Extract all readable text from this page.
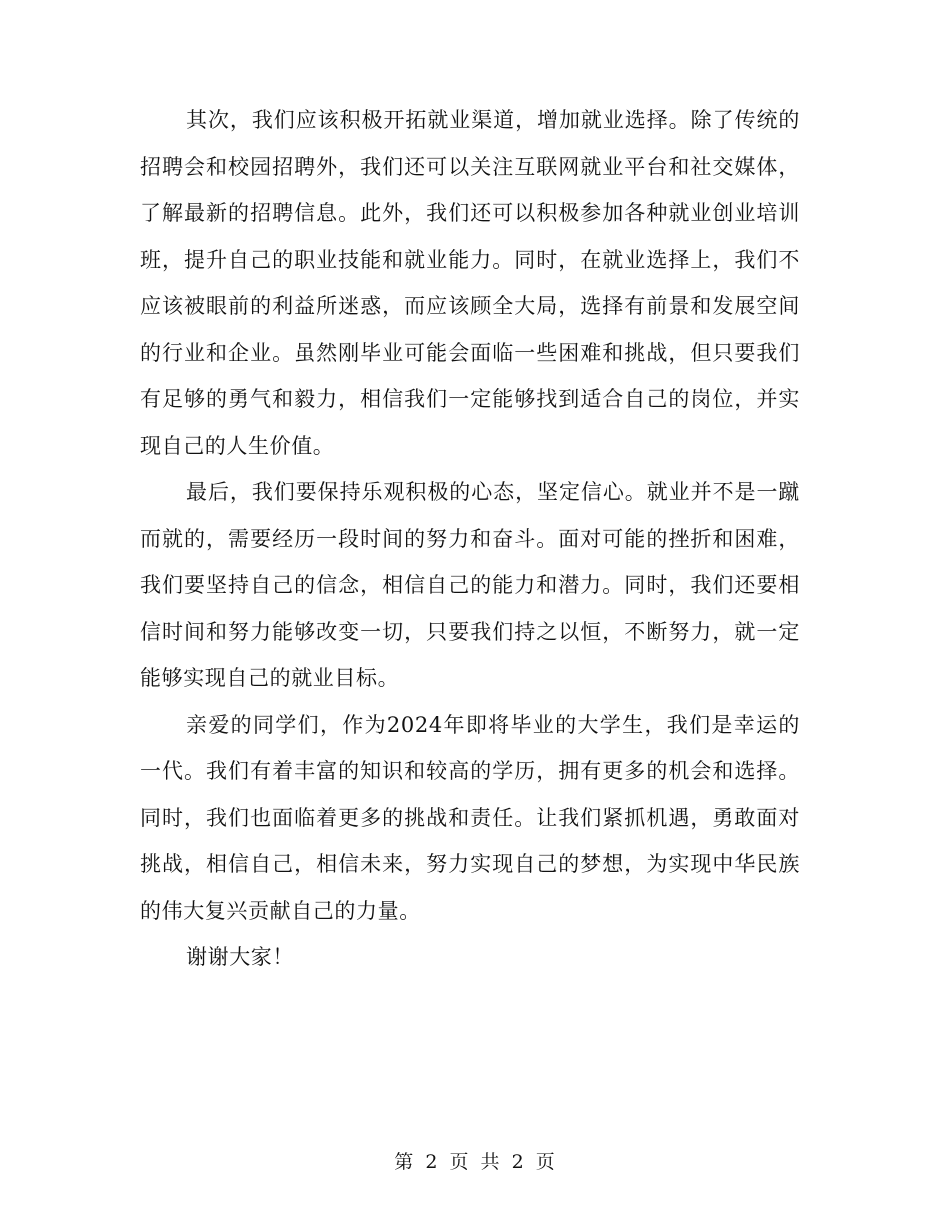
其次，我们应该积极开拓就业渠道，增加就业选择。除了传统的招聘会和校园招聘外，我们还可以关注互联网就业平台和社交媒体，了解最新的招聘信息。此外，我们还可以积极参加各种就业创业培训班，提升自己的职业技能和就业能力。同时，在就业选择上，我们不应该被眼前的利益所迷惑，而应该顾全大局，选择有前景和发展空间的行业和企业。虽然刚毕业可能会面临一些困难和挑战，但只要我们有足够的勇气和毅力，相信我们一定能够找到适合自己的岗位，并实现自己的人生价值。

最后，我们要保持乐观积极的心态，坚定信心。就业并不是一蹴而就的，需要经历一段时间的努力和奋斗。面对可能的挫折和困难，我们要坚持自己的信念，相信自己的能力和潜力。同时，我们还要相信时间和努力能够改变一切，只要我们持之以恒，不断努力，就一定能够实现自己的就业目标。

亲爱的同学们，作为2024年即将毕业的大学生，我们是幸运的一代。我们有着丰富的知识和较高的学历，拥有更多的机会和选择。同时，我们也面临着更多的挑战和责任。让我们紧抓机遇，勇敢面对挑战，相信自己，相信未来，努力实现自己的梦想，为实现中华民族的伟大复兴贡献自己的力量。

谢谢大家！

第 2 页 共 2 页
